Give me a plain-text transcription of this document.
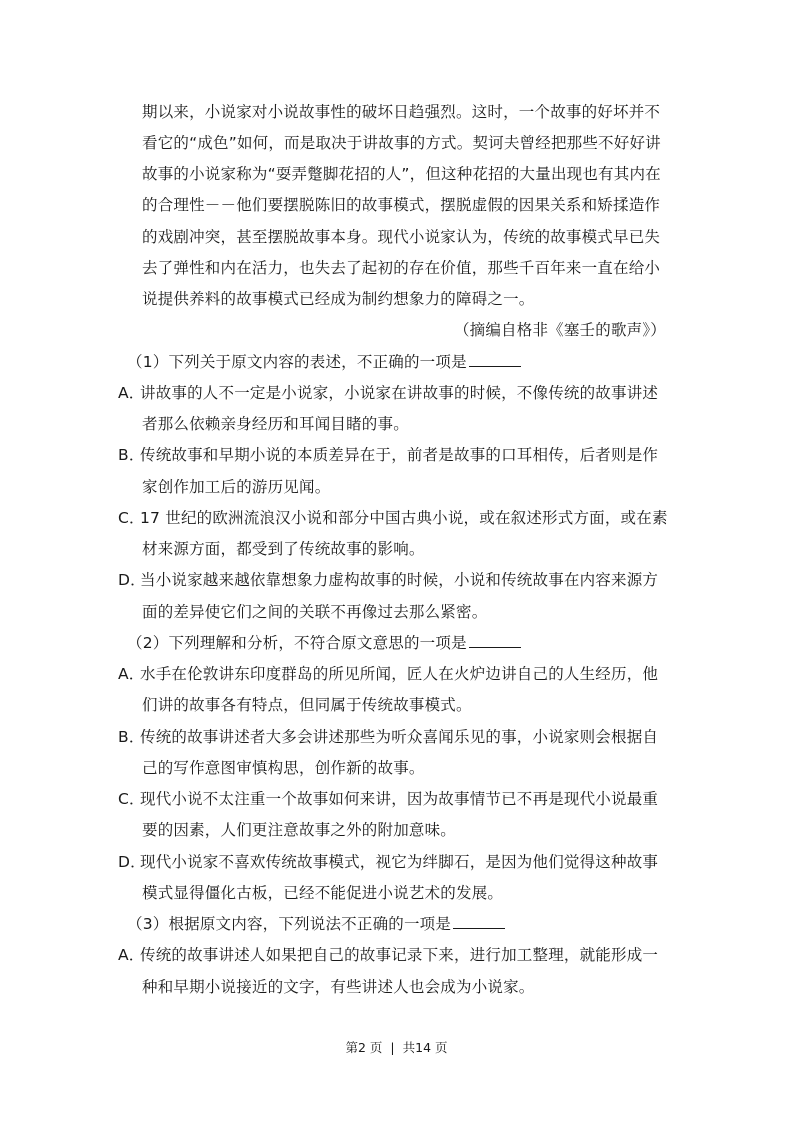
期以来，小说家对小说故事性的破坏日趋强烈。这时，一个故事的好坏并不
看它的“成色”如何，而是取决于讲故事的方式。契诃夫曾经把那些不好好讲
故事的小说家称为“耍弄蹩脚花招的人”，但这种花招的大量出现也有其内在
的合理性－－他们要摆脱陈旧的故事模式，摆脱虚假的因果关系和矫揉造作
的戏剧冲突，甚至摆脱故事本身。现代小说家认为，传统的故事模式早已失
去了弹性和内在活力，也失去了起初的存在价值，那些千百年来一直在给小
说提供养料的故事模式已经成为制约想象力的障碍之一。
（摘编自格非《塞壬的歌声》）
（1）下列关于原文内容的表述，不正确的一项是
A．讲故事的人不一定是小说家，小说家在讲故事的时候，不像传统的故事讲述
者那么依赖亲身经历和耳闻目睹的事。
B．传统故事和早期小说的本质差异在于，前者是故事的口耳相传，后者则是作
家创作加工后的游历见闻。
C．17 世纪的欧洲流浪汉小说和部分中国古典小说，或在叙述形式方面，或在素
材来源方面，都受到了传统故事的影响。
D．当小说家越来越依靠想象力虚构故事的时候，小说和传统故事在内容来源方
面的差异使它们之间的关联不再像过去那么紧密。
（2）下列理解和分析，不符合原文意思的一项是
A．水手在伦敦讲东印度群岛的所见所闻，匠人在火炉边讲自己的人生经历，他
们讲的故事各有特点，但同属于传统故事模式。
B．传统的故事讲述者大多会讲述那些为听众喜闻乐见的事，小说家则会根据自
己的写作意图审慎构思，创作新的故事。
C．现代小说不太注重一个故事如何来讲，因为故事情节已不再是现代小说最重
要的因素，人们更注意故事之外的附加意味。
D．现代小说家不喜欢传统故事模式，视它为绊脚石，是因为他们觉得这种故事
模式显得僵化古板，已经不能促进小说艺术的发展。
（3）根据原文内容，下列说法不正确的一项是
A．传统的故事讲述人如果把自己的故事记录下来，进行加工整理，就能形成一
种和早期小说接近的文字，有些讲述人也会成为小说家。
第2 页 | 共14 页
